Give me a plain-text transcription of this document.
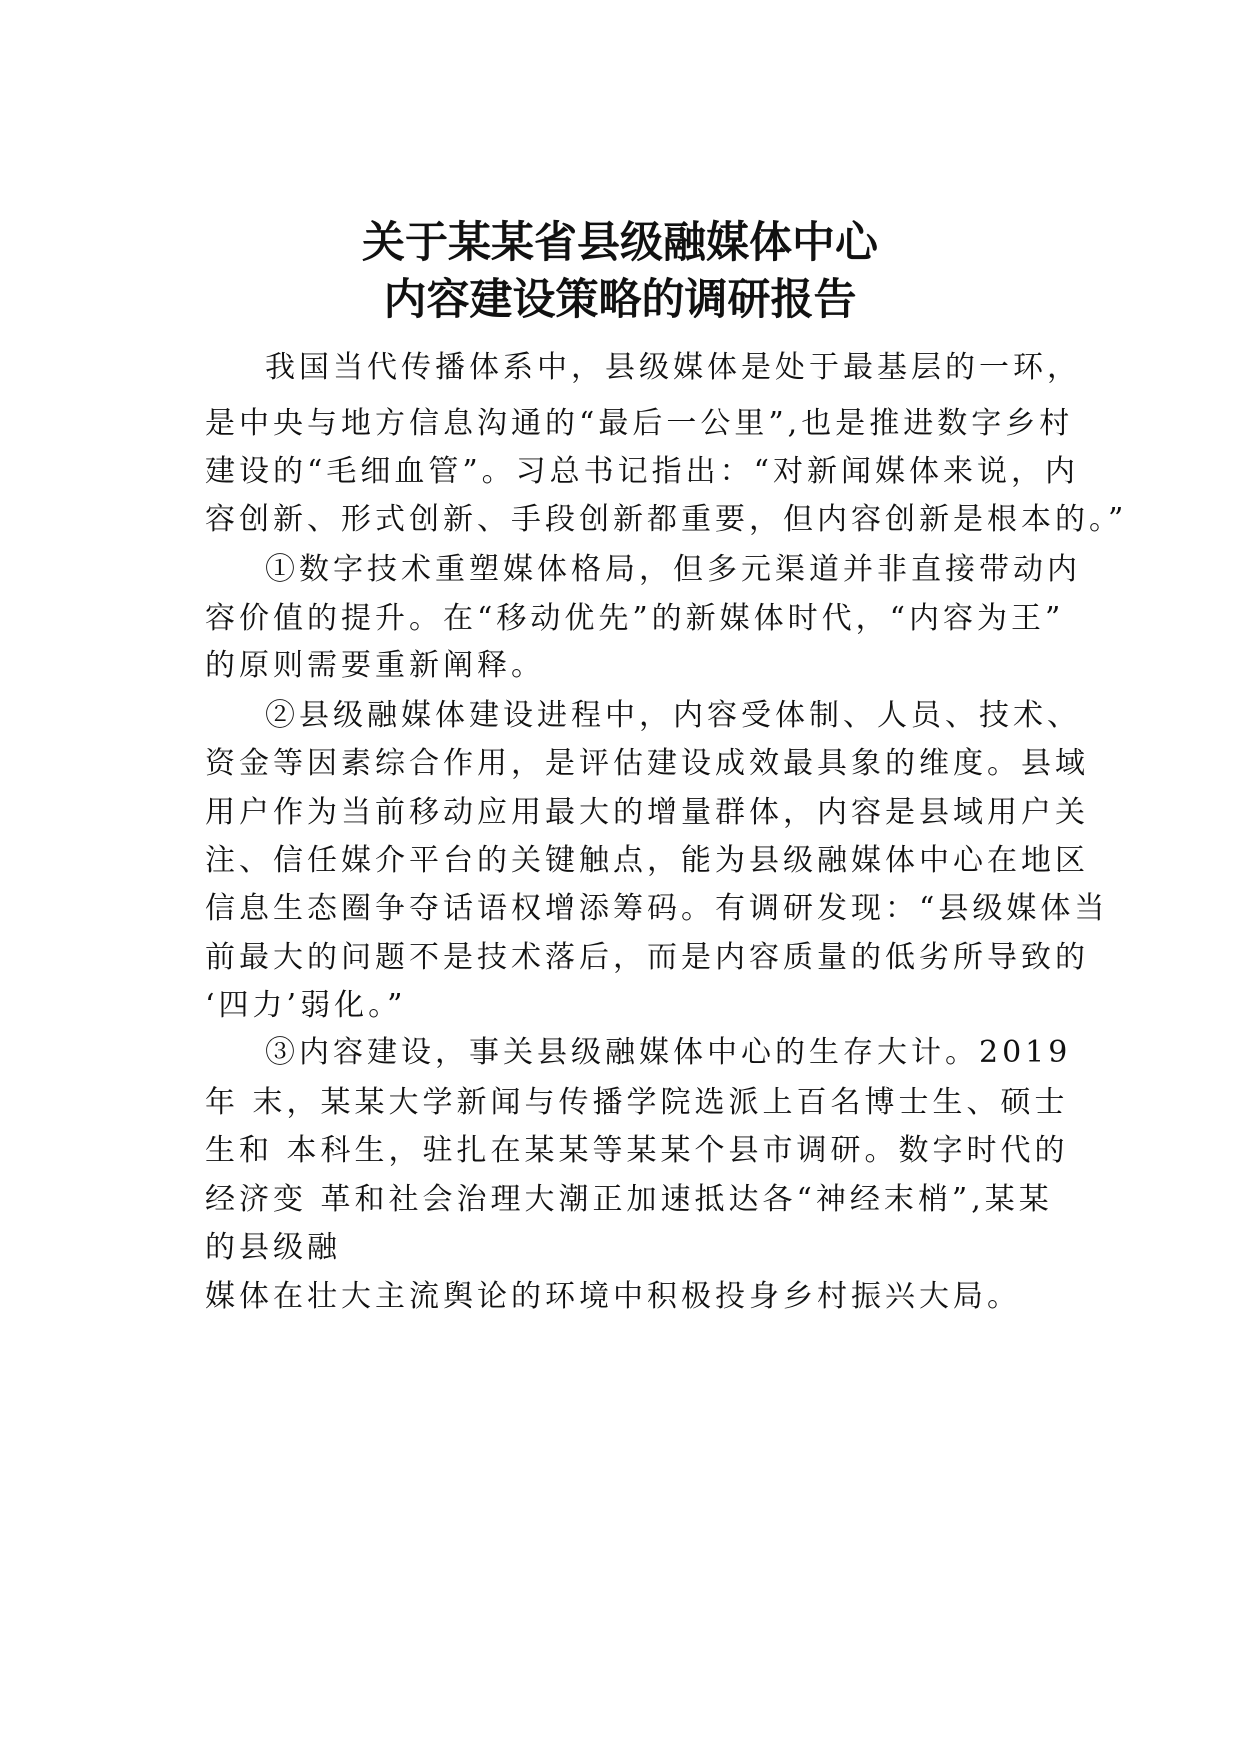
关于某某省县级融媒体中心
内容建设策略的调研报告
我国当代传播体系中，县级媒体是处于最基层的一环，
是中央与地方信息沟通的“最后一公里”,也是推进数字乡村
建设的“毛细血管”。习总书记指出：“对新闻媒体来说，内
容创新、形式创新、手段创新都重要，但内容创新是根本的。”
①数字技术重塑媒体格局，但多元渠道并非直接带动内
容价值的提升。在“移动优先”的新媒体时代，“内容为王”
的原则需要重新阐释。
②县级融媒体建设进程中，内容受体制、人员、技术、
资金等因素综合作用，是评估建设成效最具象的维度。县域
用户作为当前移动应用最大的增量群体，内容是县域用户关
注、信任媒介平台的关键触点，能为县级融媒体中心在地区
信息生态圈争夺话语权增添筹码。有调研发现：“县级媒体当
前最大的问题不是技术落后，而是内容质量的低劣所导致的
‘四力’弱化。”
③内容建设，事关县级融媒体中心的生存大计。2019
年 末，某某大学新闻与传播学院选派上百名博士生、硕士
生和 本科生，驻扎在某某等某某个县市调研。数字时代的
经济变 革和社会治理大潮正加速抵达各“神经末梢”,某某
的县级融
媒体在壮大主流舆论的环境中积极投身乡村振兴大局。
